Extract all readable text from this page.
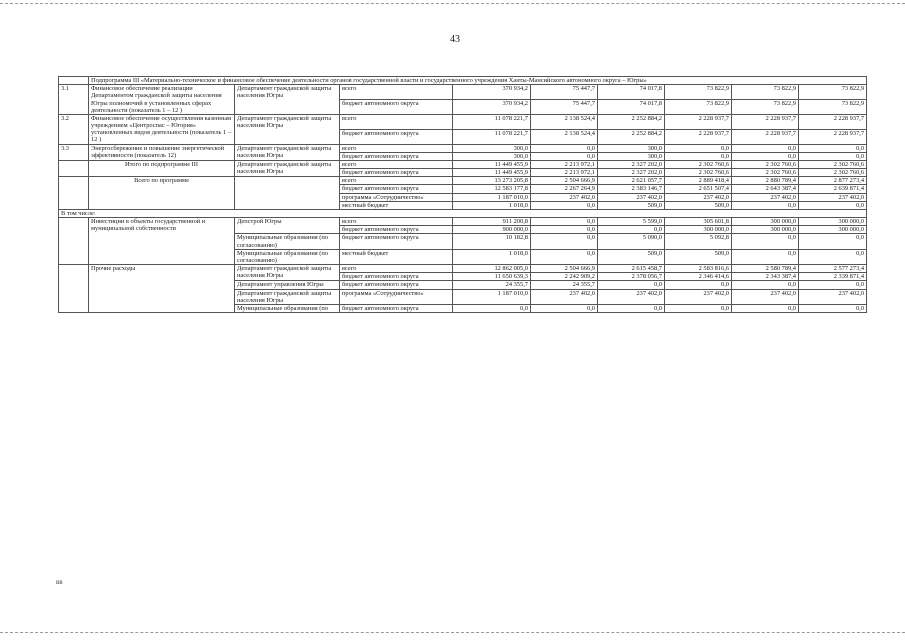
43
	Подпрограмма III «Материально-техническое и финансовое обеспечение деятельности органов государственной власти и государственного учреждения Ханты-Мансийского автономного округа – Югры»								
3.1	Финансовое обеспечение реализации Департаментом гражданской защиты населения Югры полномочий в установленных сферах деятельности (показатель 1 – 12 )	Департамент гражданской защиты населения Югры	всего	370 934,2	75 447,7	74 017,8	73 822,9	73 822,9	73 822,9
			бюджет автономного округа	370 934,2	75 447,7	74 017,8	73 822,9	73 822,9	73 822,9
3.2	Финансовое обеспечение осуществления казенным учреждением «Центроспас – Югория» установленных видов деятельности (показатель 1 – 12 )	Департамент гражданской защиты населения Югры	всего	11 078 221,7	2 138 524,4	2 252 884,2	2 228 937,7	2 228 937,7	2 228 937,7
			бюджет автономного округа	11 078 221,7	2 138 524,4	2 252 884,2	2 228 937,7	2 228 937,7	2 228 937,7
3.3	Энергосбережение и повышение энергетической эффективности (показатель 12)	Департамент гражданской защиты населения Югры	всего	300,0	0,0	300,0	0,0	0,0	0,0
			бюджет автономного округа	300,0	0,0	300,0	0,0	0,0	0,0
	Итого по подпрограмме III	Департамент гражданской защиты населения Югры	всего	11 449 455,9	2 213 972,1	2 327 202,0	2 302 760,6	2 302 760,6	2 302 760,6
			бюджет автономного округа	11 449 455,9	2 213 972,1	2 327 202,0	2 302 760,6	2 302 760,6	2 302 760,6
	Всего по программе		всего	13 273 205,8	2 504 666,9	2 621 057,7	2 889 418,4	2 880 789,4	2 877 273,4
			бюджет автономного округа	12 583 177,8	2 267 264,9	2 383 146,7	2 651 507,4	2 643 387,4	2 639 871,4
			программа «Сотрудничество»	1 187 010,0	237 402,0	237 402,0	237 402,0	237 402,0	237 402,0
			местный бюджет	1 018,0	0,0	509,0	509,0	0,0	0,0
В том числе:									
	Инвестиции в объекты государственной и муниципальной собственности	Депстрой Югры	всего	911 200,8	0,0	5 599,0	305 601,8	300 000,0	300 000,0
			бюджет автономного округа	900 000,0	0,0	0,0	300 000,0	300 000,0	300 000,0
		Муниципальные образования (по согласованию)	бюджет автономного округа	10 182,8	0,0	5 090,0	5 092,8	0,0	0,0
		Муниципальные образования (по согласованию)	местный бюджет	1 018,0	0,0	509,0	509,0	0,0	0,0
	Прочие расходы	Департамент гражданской защиты населения Югры	всего	12 862 005,0	2 504 666,9	2 615 458,7	2 583 816,6	2 580 789,4	2 577 273,4
			бюджет автономного округа	11 650 639,3	2 242 909,2	2 378 056,7	2 346 414,6	2 343 387,4	2 339 871,4
		Департамент управления Югры	бюджет автономного округа	24 355,7	24 355,7	0,0	0,0	0,0	0,0
		Департамент гражданской защиты населения Югры	программа «Сотрудничество»	1 187 010,0	237 402,0	237 402,0	237 402,0	237 402,0	237 402,0
		Муниципальные образования (по	бюджет автономного округа	0,0	0,0	0,0	0,0	0,0	0,0
вв
